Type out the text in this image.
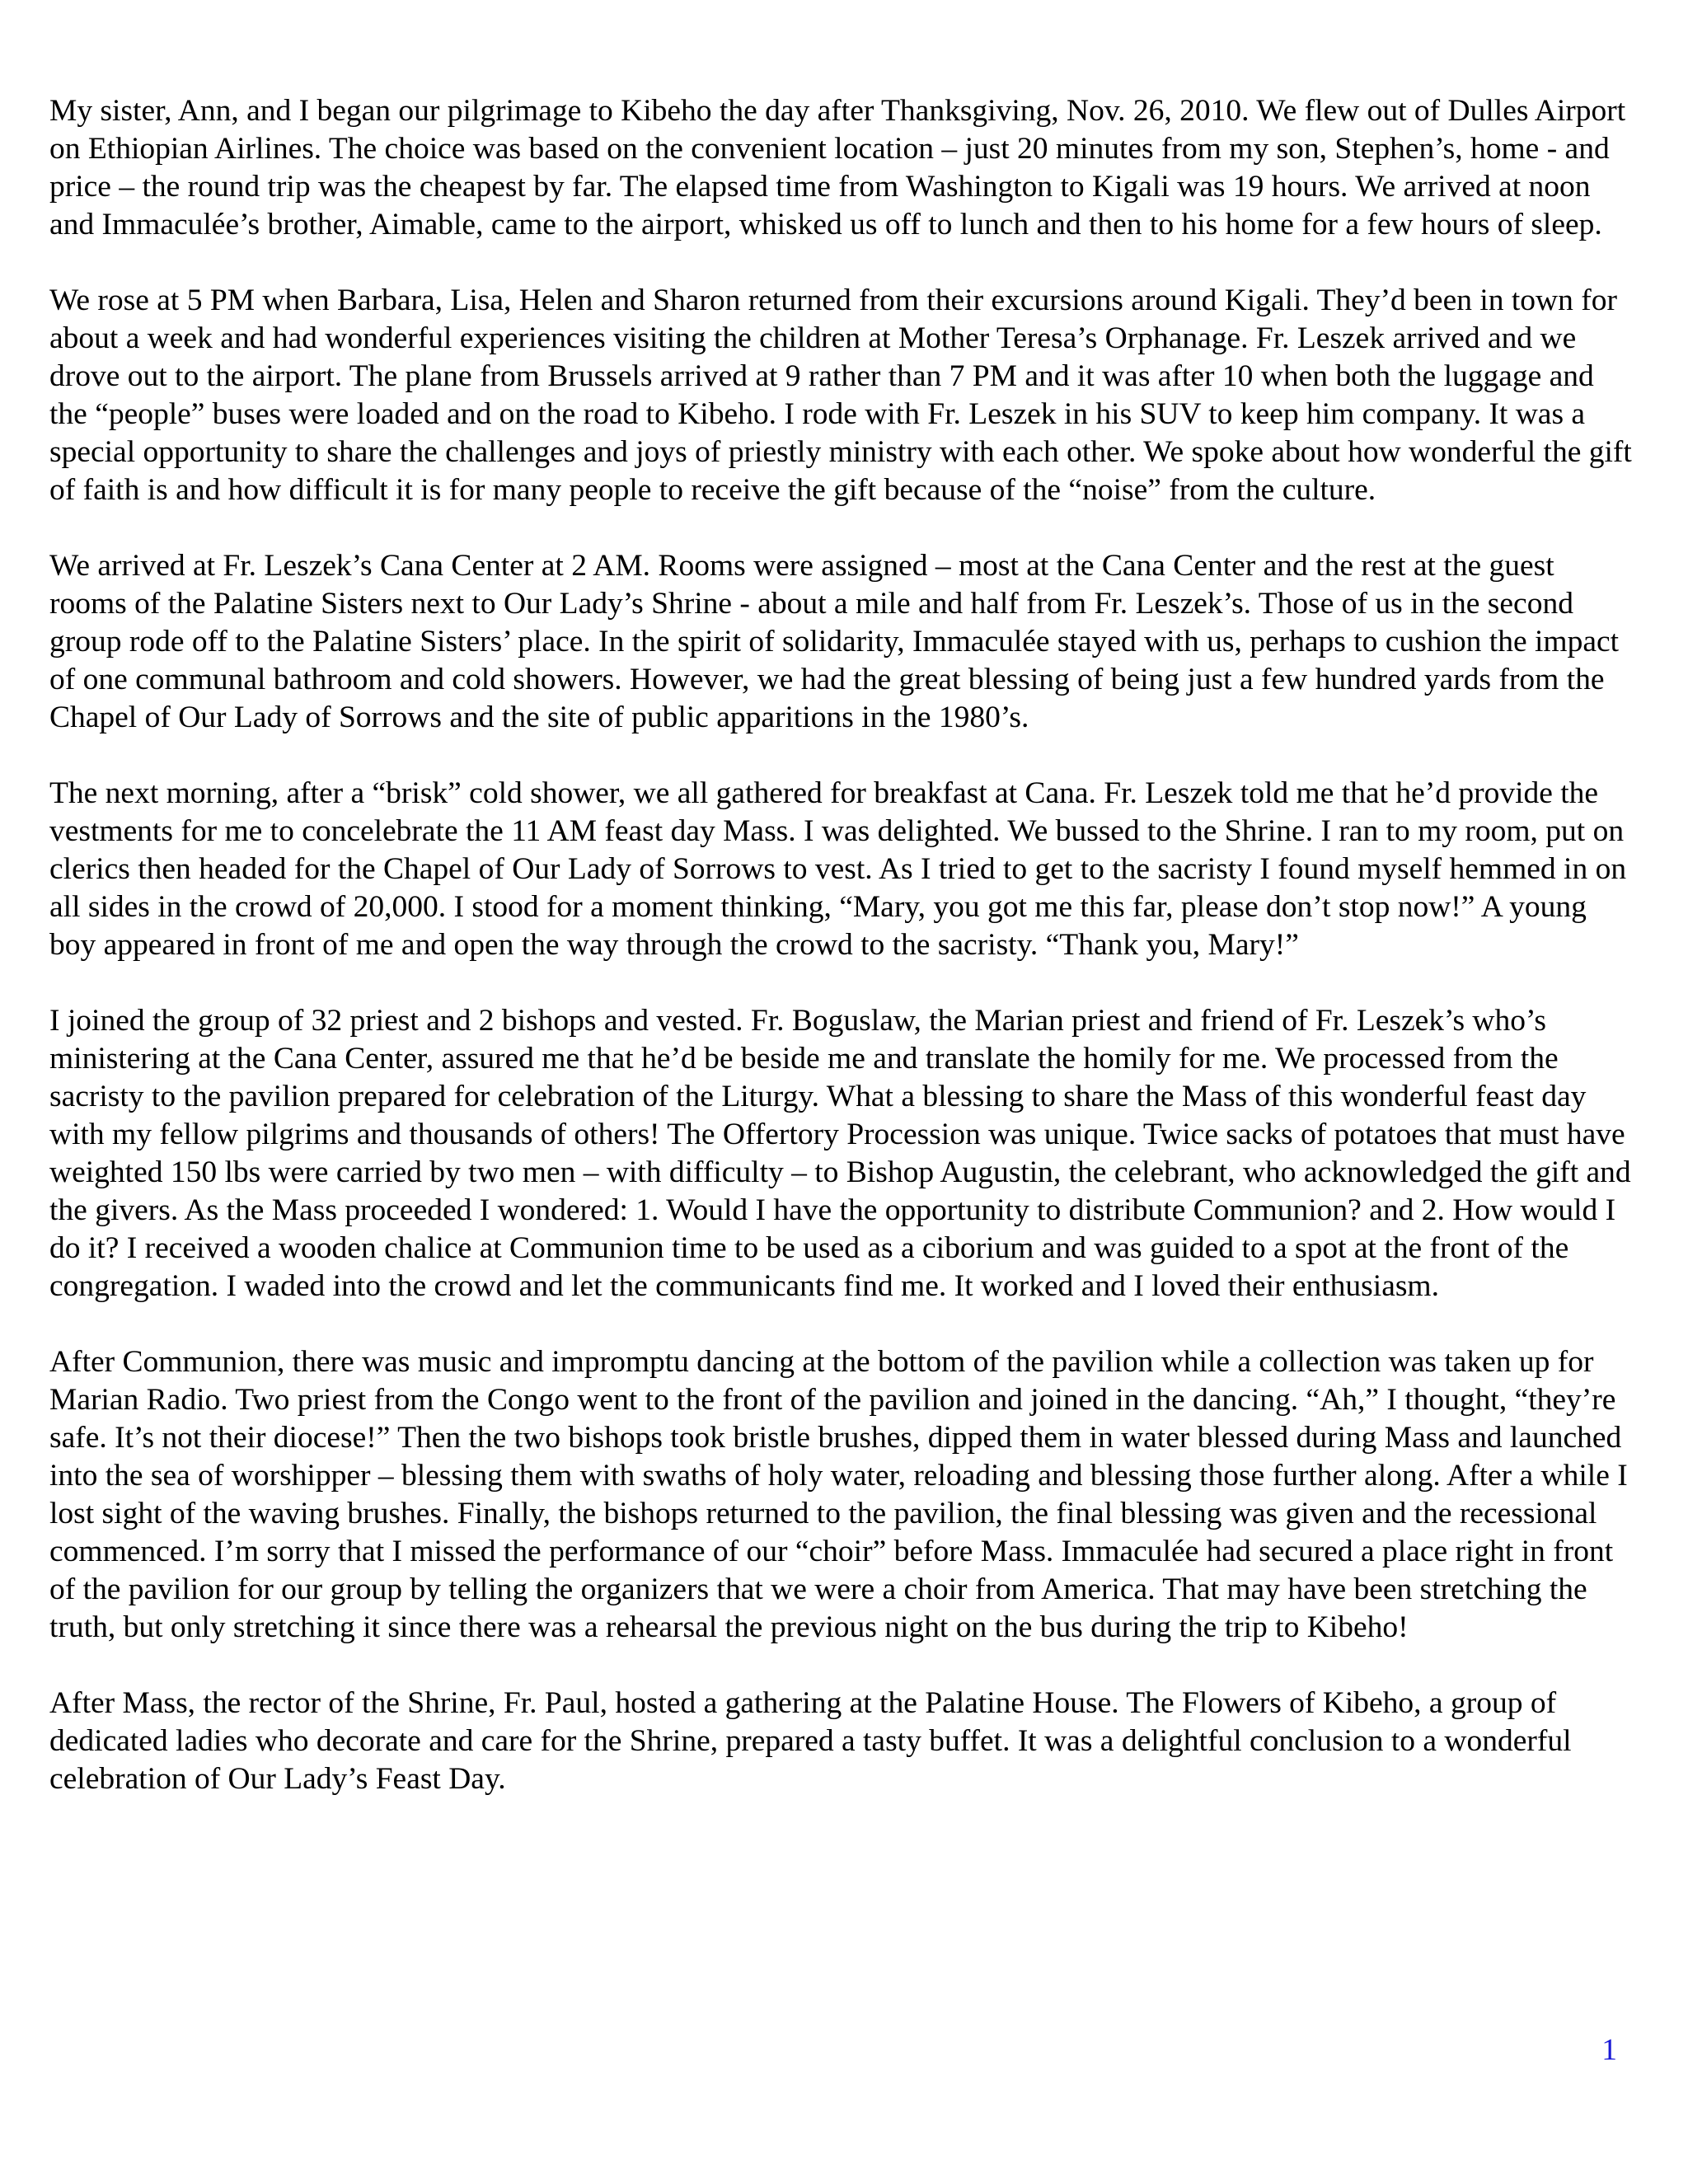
My sister, Ann, and I began our pilgrimage to Kibeho the day after Thanksgiving, Nov. 26, 2010. We flew out of Dulles Airport on Ethiopian Airlines. The choice was based on the convenient location – just 20 minutes from my son, Stephen’s, home - and price – the round trip was the cheapest by far. The elapsed time from Washington to Kigali was 19 hours. We arrived at noon and Immaculée’s brother, Aimable, came to the airport, whisked us off to lunch and then to his home for a few hours of sleep.

We rose at 5 PM when Barbara, Lisa, Helen and Sharon returned from their excursions around Kigali. They’d been in town for about a week and had wonderful experiences visiting the children at Mother Teresa’s Orphanage. Fr. Leszek arrived and we drove out to the airport. The plane from Brussels arrived at 9 rather than 7 PM and it was after 10 when both the luggage and the “people” buses were loaded and on the road to Kibeho. I rode with Fr. Leszek in his SUV to keep him company. It was a special opportunity to share the challenges and joys of priestly ministry with each other. We spoke about how wonderful the gift of faith is and how difficult it is for many people to receive the gift because of the “noise” from the culture.

We arrived at Fr. Leszek’s Cana Center at 2 AM. Rooms were assigned – most at the Cana Center and the rest at the guest rooms of the Palatine Sisters next to Our Lady’s Shrine - about a mile and half from Fr. Leszek’s. Those of us in the second group rode off to the Palatine Sisters’ place. In the spirit of solidarity, Immaculée stayed with us, perhaps to cushion the impact of one communal bathroom and cold showers. However, we had the great blessing of being just a few hundred yards from the Chapel of Our Lady of Sorrows and the site of public apparitions in the 1980’s.

The next morning, after a “brisk” cold shower, we all gathered for breakfast at Cana. Fr. Leszek told me that he’d provide the vestments for me to concelebrate the 11 AM feast day Mass. I was delighted. We bussed to the Shrine. I ran to my room, put on clerics then headed for the Chapel of Our Lady of Sorrows to vest. As I tried to get to the sacristy I found myself hemmed in on all sides in the crowd of 20,000. I stood for a moment thinking, “Mary, you got me this far, please don’t stop now!” A young boy appeared in front of me and open the way through the crowd to the sacristy. “Thank you, Mary!”

I joined the group of 32 priest and 2 bishops and vested. Fr. Boguslaw, the Marian priest and friend of Fr. Leszek’s who’s ministering at the Cana Center, assured me that he’d be beside me and translate the homily for me. We processed from the sacristy to the pavilion prepared for celebration of the Liturgy. What a blessing to share the Mass of this wonderful feast day with my fellow pilgrims and thousands of others! The Offertory Procession was unique. Twice sacks of potatoes that must have weighted 150 lbs were carried by two men – with difficulty – to Bishop Augustin, the celebrant, who acknowledged the gift and the givers. As the Mass proceeded I wondered: 1. Would I have the opportunity to distribute Communion? and 2. How would I do it? I received a wooden chalice at Communion time to be used as a ciborium and was guided to a spot at the front of the congregation. I waded into the crowd and let the communicants find me. It worked and I loved their enthusiasm.

After Communion, there was music and impromptu dancing at the bottom of the pavilion while a collection was taken up for Marian Radio. Two priest from the Congo went to the front of the pavilion and joined in the dancing. “Ah,” I thought, “they’re safe. It’s not their diocese!” Then the two bishops took bristle brushes, dipped them in water blessed during Mass and launched into the sea of worshipper – blessing them with swaths of holy water, reloading and blessing those further along. After a while I lost sight of the waving brushes. Finally, the bishops returned to the pavilion, the final blessing was given and the recessional commenced. I’m sorry that I missed the performance of our “choir” before Mass. Immaculée had secured a place right in front of the pavilion for our group by telling the organizers that we were a choir from America. That may have been stretching the truth, but only stretching it since there was a rehearsal the previous night on the bus during the trip to Kibeho!

After Mass, the rector of the Shrine, Fr. Paul, hosted a gathering at the Palatine House. The Flowers of Kibeho, a group of dedicated ladies who decorate and care for the Shrine, prepared a tasty buffet. It was a delightful conclusion to a wonderful celebration of Our Lady’s Feast Day.

1
